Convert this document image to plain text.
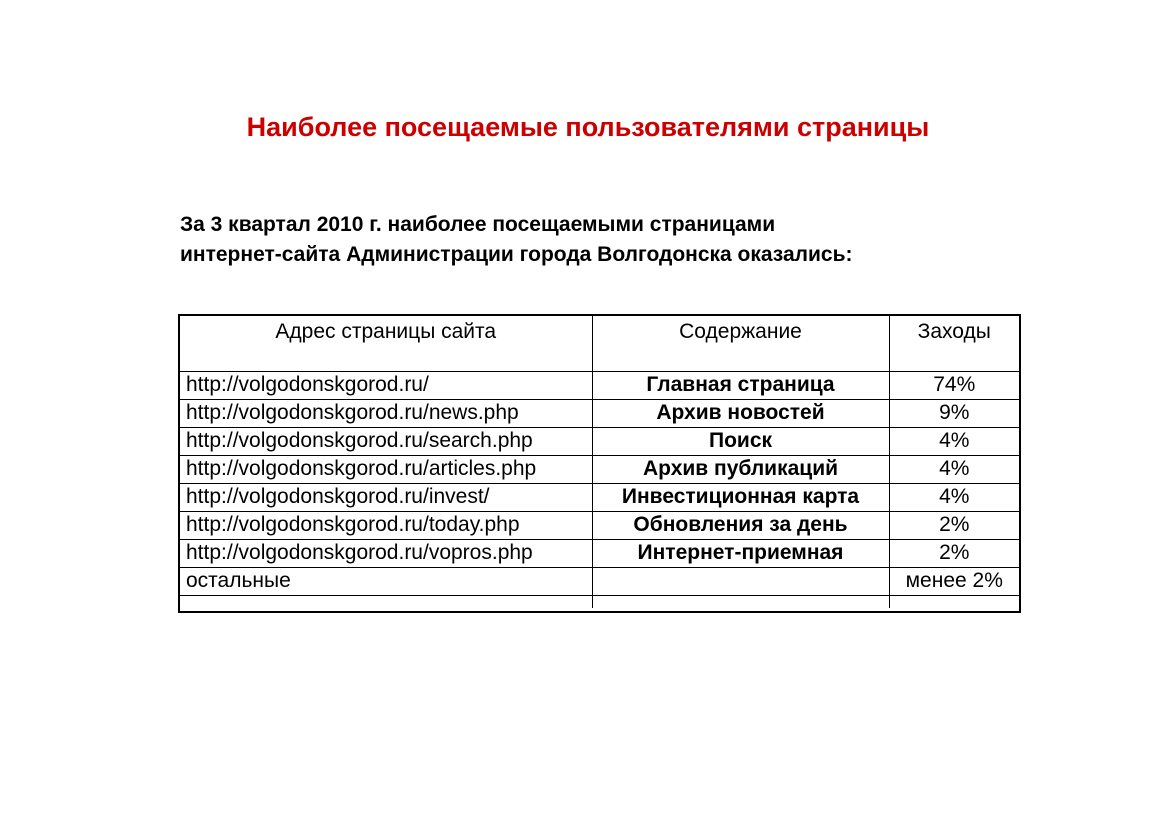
Наиболее посещаемые пользователями страницы
За 3 квартал 2010 г. наиболее посещаемыми страницами
интернет-сайта Администрации города Волгодонска оказались:
Адрес страницы сайта	Содержание	Заходы
http://volgodonskgorod.ru/	Главная страница	74%
http://volgodonskgorod.ru/news.php	Архив новостей	9%
http://volgodonskgorod.ru/search.php	Поиск	4%
http://volgodonskgorod.ru/articles.php	Архив публикаций	4%
http://volgodonskgorod.ru/invest/	Инвестиционная карта	4%
http://volgodonskgorod.ru/today.php	Обновления за день	2%
http://volgodonskgorod.ru/vopros.php	Интернет-приемная	2%
остальные		менее 2%
